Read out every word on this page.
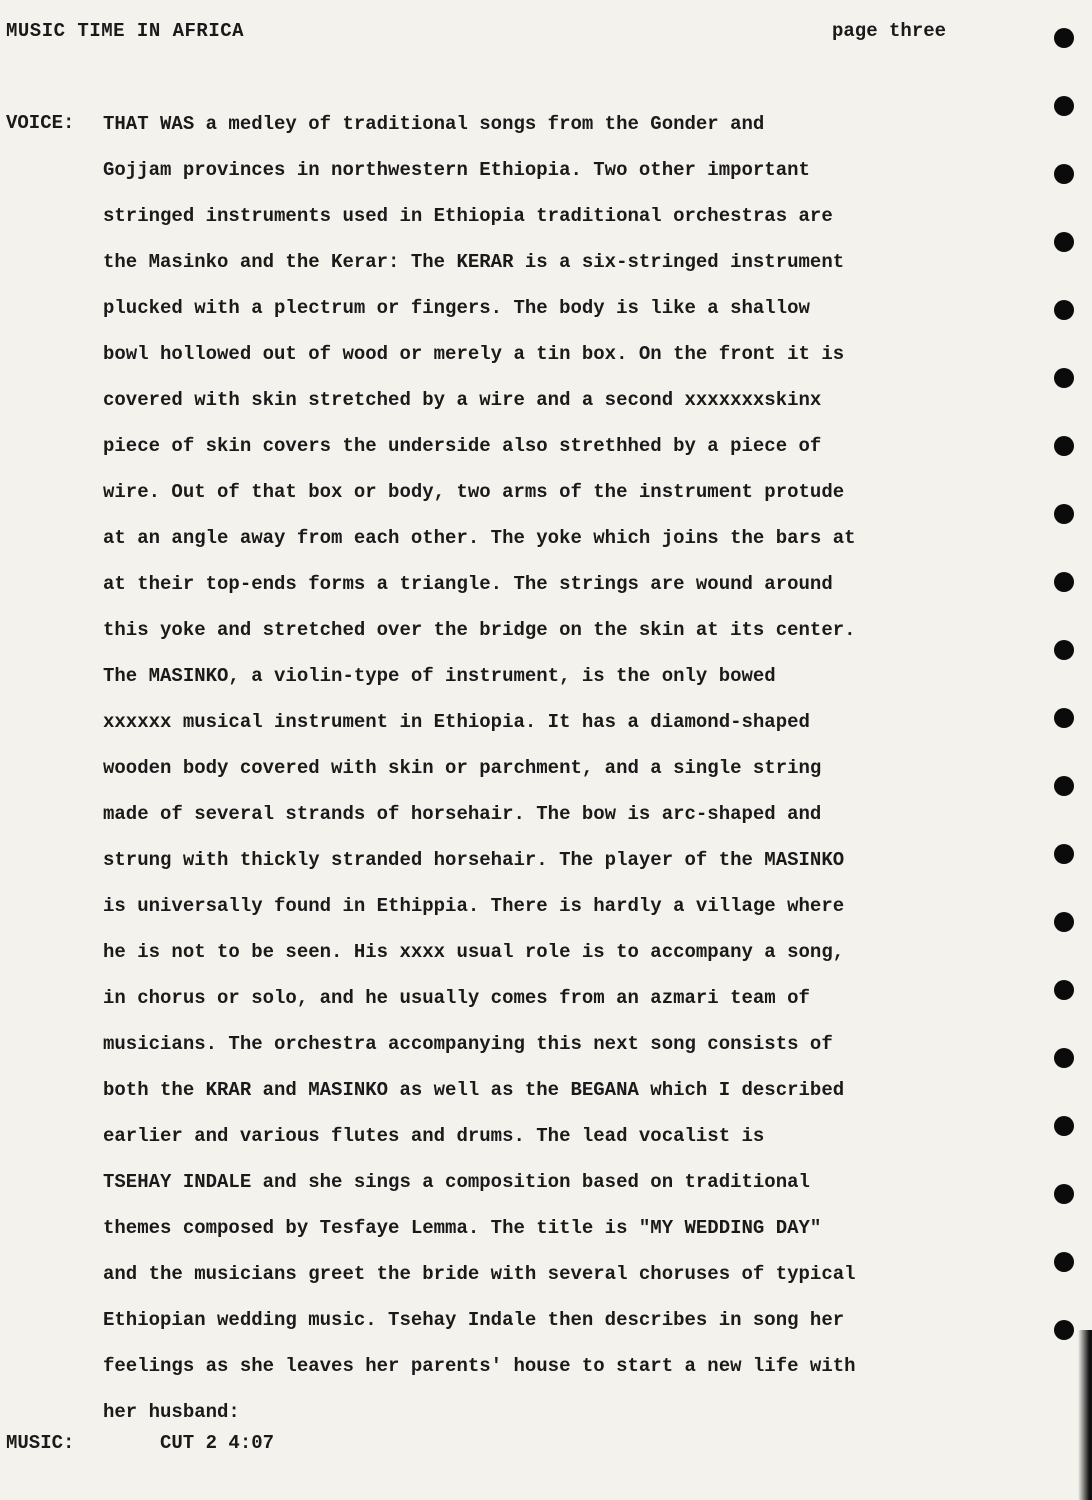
MUSIC TIME IN AFRICA	page three
VOICE: THAT WAS a medley of traditional songs from the Gonder and
Gojjam provinces in northwestern Ethiopia. Two other important
stringed instruments used in Ethiopia traditional orchestras are
the Masinko and the Kerar: The KERAR is a six-stringed instrument
plucked with a plectrum or fingers. The body is like a shallow
bowl hollowed out of wood or merely a tin box. On the front it is
covered with skin stretched by a wire and a second xxxxxxxskinx
piece of skin covers the underside also strethhed by a piece of
wire. Out of that box or body, two arms of the instrument protude
at an angle away from each other. The yoke which joins the bars at
at their top-ends forms a triangle. The strings are wound around
this yoke and stretched over the bridge on the skin at its center.
The MASINKO, a violin-type of instrument, is the only bowed
xxxxxx musical instrument in Ethiopia. It has a diamond-shaped
wooden body covered with skin or parchment, and a single string
made of several strands of horsehair. The bow is arc-shaped and
strung with thickly stranded horsehair. The player of the MASINKO
is universally found in Ethippia. There is hardly a village where
he is not to be seen. His xxxx usual role is to accompany a song,
in chorus or solo, and he usually comes from an azmari team of
musicians. The orchestra accompanying this next song consists of
both the KRAR and MASINKO as well as the BEGANA which I described
earlier and various flutes and drums. The lead vocalist is
TSEHAY INDALE and she sings a composition based on traditional
themes composed by Tesfaye Lemma. The title is "MY WEDDING DAY"
and the musicians greet the bride with several choruses of typical
Ethiopian wedding music. Tsehay Indale then describes in song her
feelings as she leaves her parents' house to start a new life with
her husband:
MUSIC:	CUT 2 4:07
